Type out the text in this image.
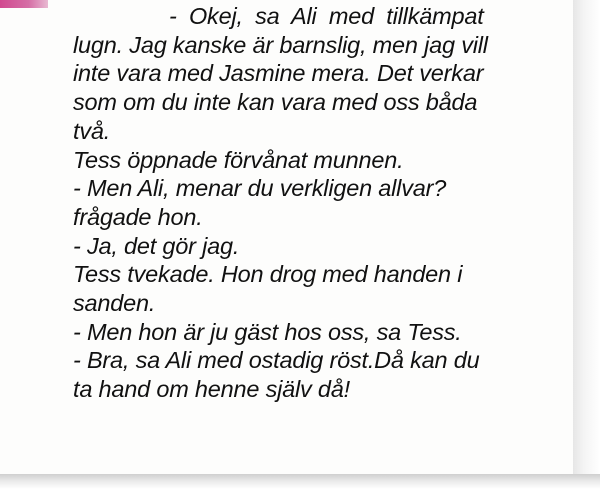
- Okej, sa Ali med tillkämpat
lugn. Jag kanske är barnslig, men jag vill
inte vara med Jasmine mera. Det verkar
som om du inte kan vara med oss båda
två.
Tess öppnade förvånat munnen.
- Men Ali, menar du verkligen allvar?
frågade hon.
- Ja, det gör jag.
Tess tvekade. Hon drog med handen i
sanden.
- Men hon är ju gäst hos oss, sa Tess.
- Bra, sa Ali med ostadig röst.Då kan du
ta hand om henne själv då!
